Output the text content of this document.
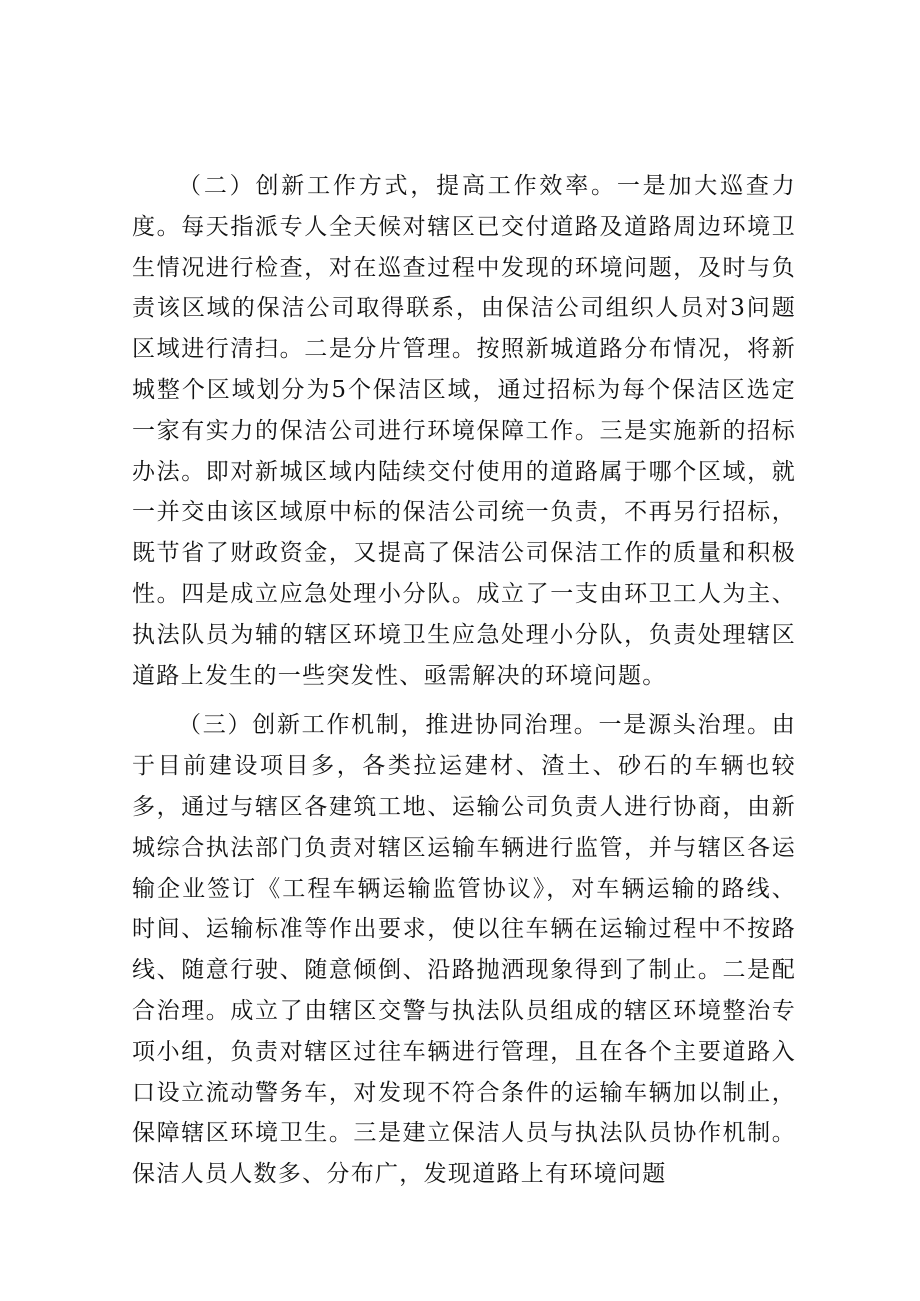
（二）创新工作方式，提高工作效率。一是加大巡查力度。每天指派专人全天候对辖区已交付道路及道路周边环境卫生情况进行检查，对在巡查过程中发现的环境问题，及时与负责该区域的保洁公司取得联系，由保洁公司组织人员对3问题区域进行清扫。二是分片管理。按照新城道路分布情况，将新城整个区域划分为5个保洁区域，通过招标为每个保洁区选定一家有实力的保洁公司进行环境保障工作。三是实施新的招标办法。即对新城区域内陆续交付使用的道路属于哪个区域，就一并交由该区域原中标的保洁公司统一负责，不再另行招标，既节省了财政资金，又提高了保洁公司保洁工作的质量和积极性。四是成立应急处理小分队。成立了一支由环卫工人为主、执法队员为辅的辖区环境卫生应急处理小分队，负责处理辖区道路上发生的一些突发性、亟需解决的环境问题。

（三）创新工作机制，推进协同治理。一是源头治理。由于目前建设项目多，各类拉运建材、渣土、砂石的车辆也较多，通过与辖区各建筑工地、运输公司负责人进行协商，由新城综合执法部门负责对辖区运输车辆进行监管，并与辖区各运输企业签订《工程车辆运输监管协议》，对车辆运输的路线、时间、运输标准等作出要求，使以往车辆在运输过程中不按路线、随意行驶、随意倾倒、沿路抛洒现象得到了制止。二是配合治理。成立了由辖区交警与执法队员组成的辖区环境整治专项小组，负责对辖区过往车辆进行管理，且在各个主要道路入口设立流动警务车，对发现不符合条件的运输车辆加以制止，保障辖区环境卫生。三是建立保洁人员与执法队员协作机制。保洁人员人数多、分布广，发现道路上有环境问题
